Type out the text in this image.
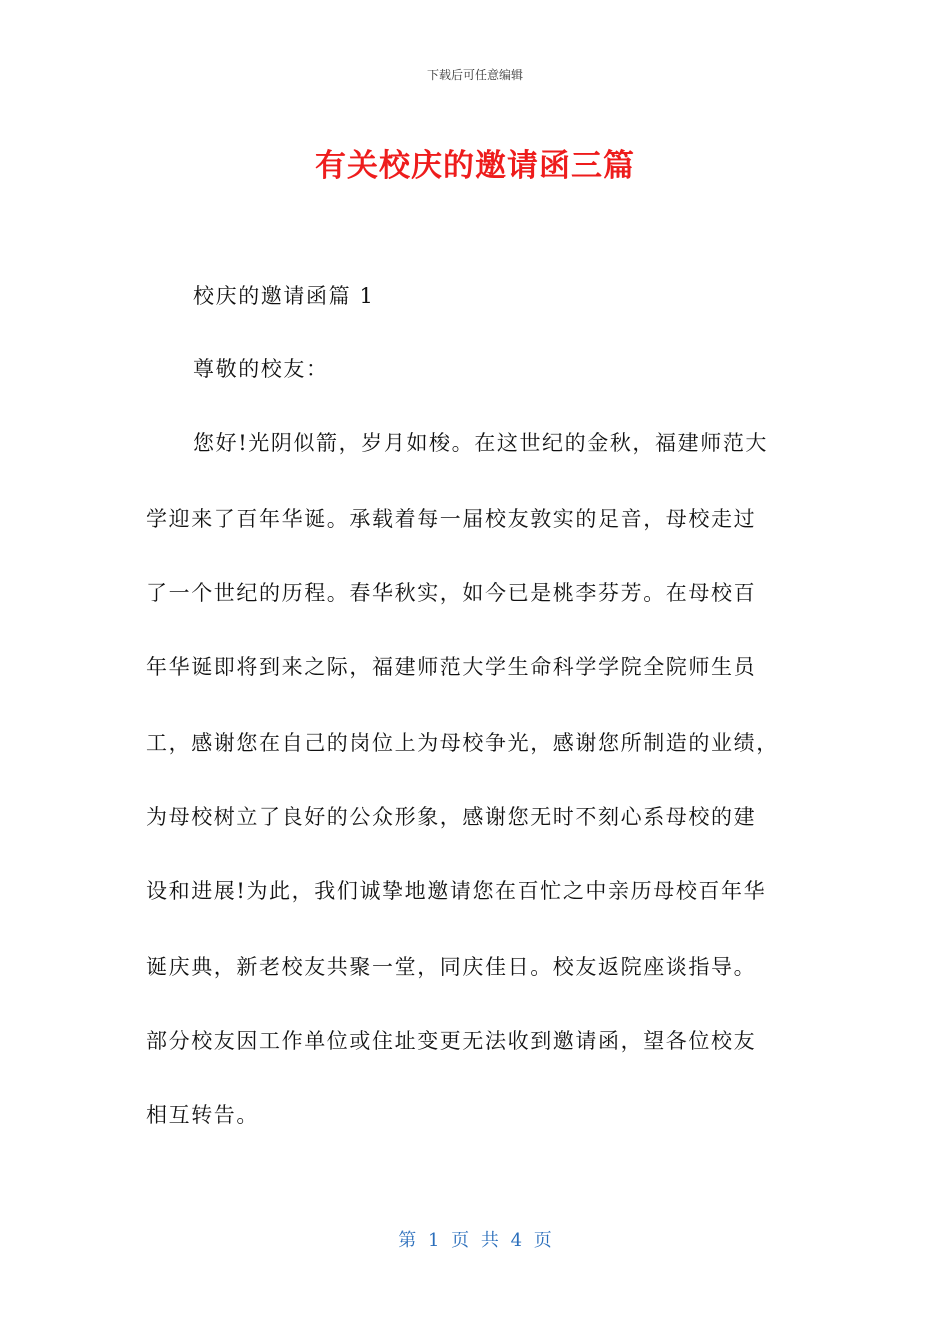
下载后可任意编辑
有关校庆的邀请函三篇
校庆的邀请函篇 1
尊敬的校友：
您好!光阴似箭，岁月如梭。在这世纪的金秋，福建师范大
学迎来了百年华诞。承载着每一届校友敦实的足音，母校走过
了一个世纪的历程。春华秋实，如今已是桃李芬芳。在母校百
年华诞即将到来之际，福建师范大学生命科学学院全院师生员
工，感谢您在自己的岗位上为母校争光，感谢您所制造的业绩，
为母校树立了良好的公众形象，感谢您无时不刻心系母校的建
设和进展!为此，我们诚挚地邀请您在百忙之中亲历母校百年华
诞庆典，新老校友共聚一堂，同庆佳日。校友返院座谈指导。
部分校友因工作单位或住址变更无法收到邀请函，望各位校友
相互转告。
第 1 页 共 4 页
